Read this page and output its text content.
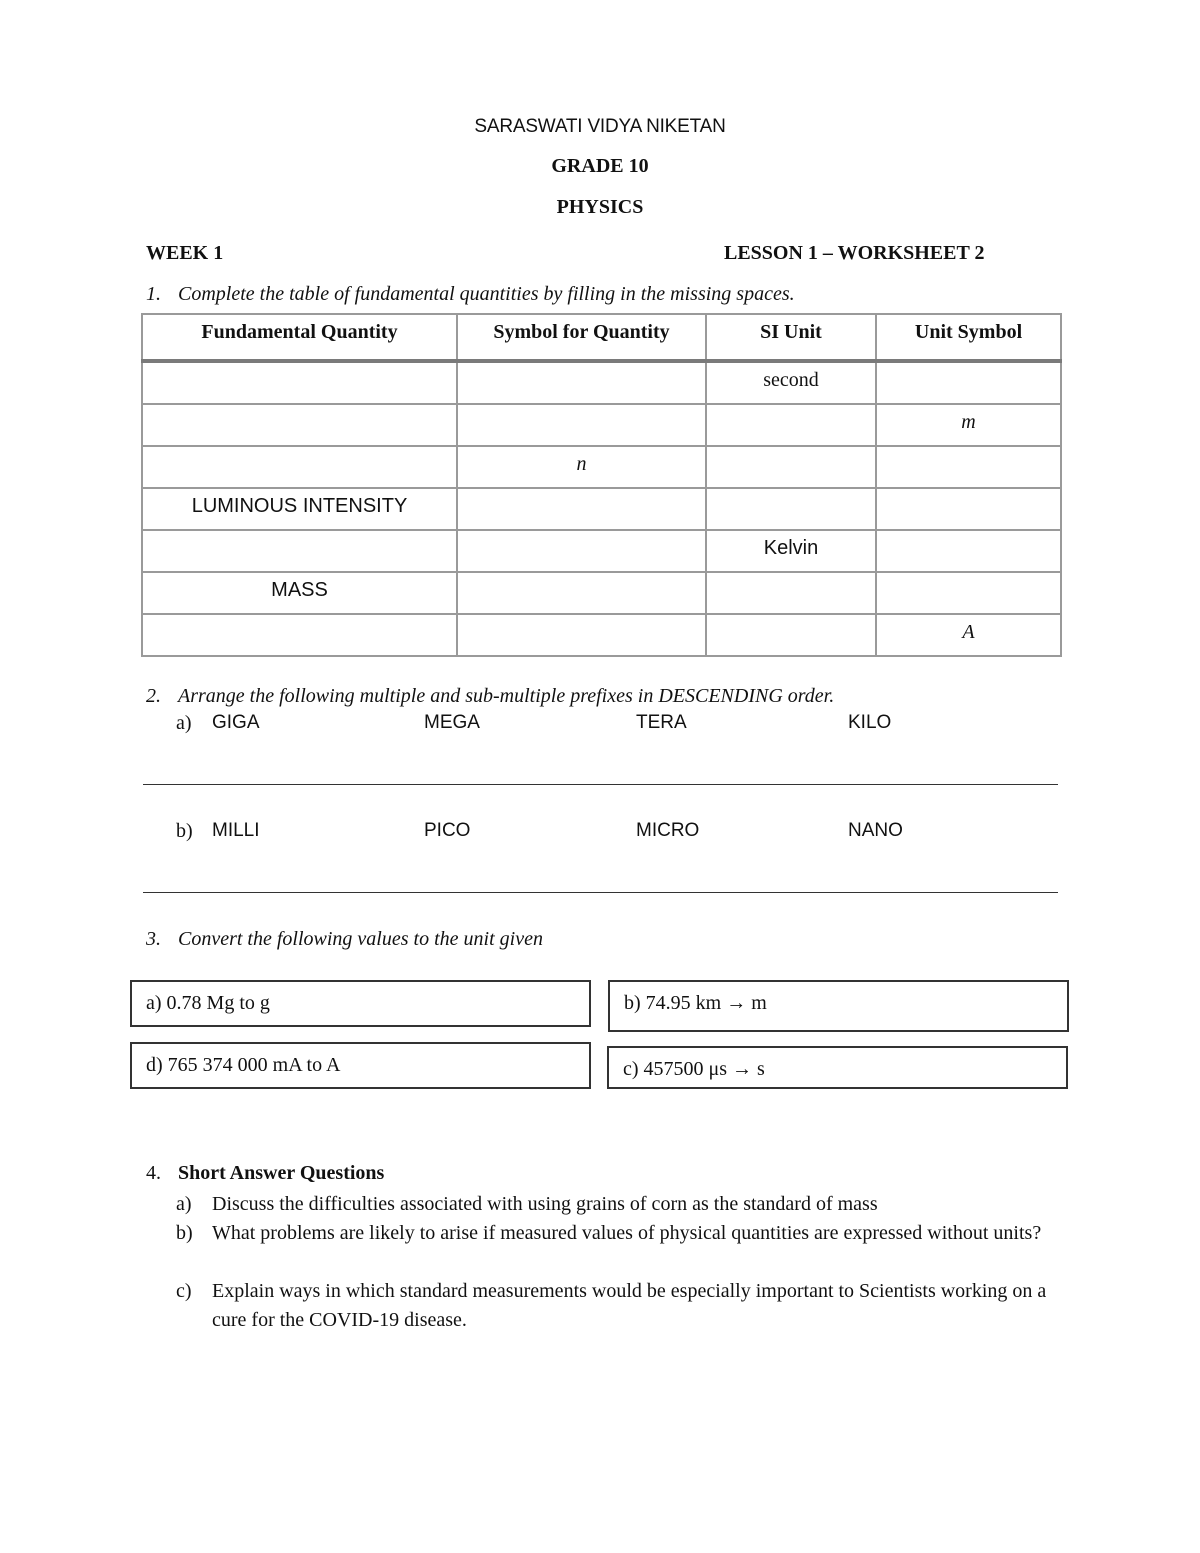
SARASWATI VIDYA NIKETAN
GRADE 10
PHYSICS
WEEK 1	LESSON 1 – WORKSHEET 2
1. Complete the table of fundamental quantities by filling in the missing spaces.
Fundamental Quantity	Symbol for Quantity	SI Unit	Unit Symbol
		second	
			m
	n		
LUMINOUS INTENSITY			
		Kelvin	
MASS			
			A
2. Arrange the following multiple and sub-multiple prefixes in DESCENDING order.
a) GIGA	MEGA	TERA	KILO
b) MILLI	PICO	MICRO	NANO
3. Convert the following values to the unit given
a) 0.78 Mg to g	b) 74.95 km → m
d) 765 374 000 mA to A	c) 457500 μs → s
4. Short Answer Questions
a) Discuss the difficulties associated with using grains of corn as the standard of mass
b) What problems are likely to arise if measured values of physical quantities are expressed without units?
c) Explain ways in which standard measurements would be especially important to Scientists working on a cure for the COVID-19 disease.
